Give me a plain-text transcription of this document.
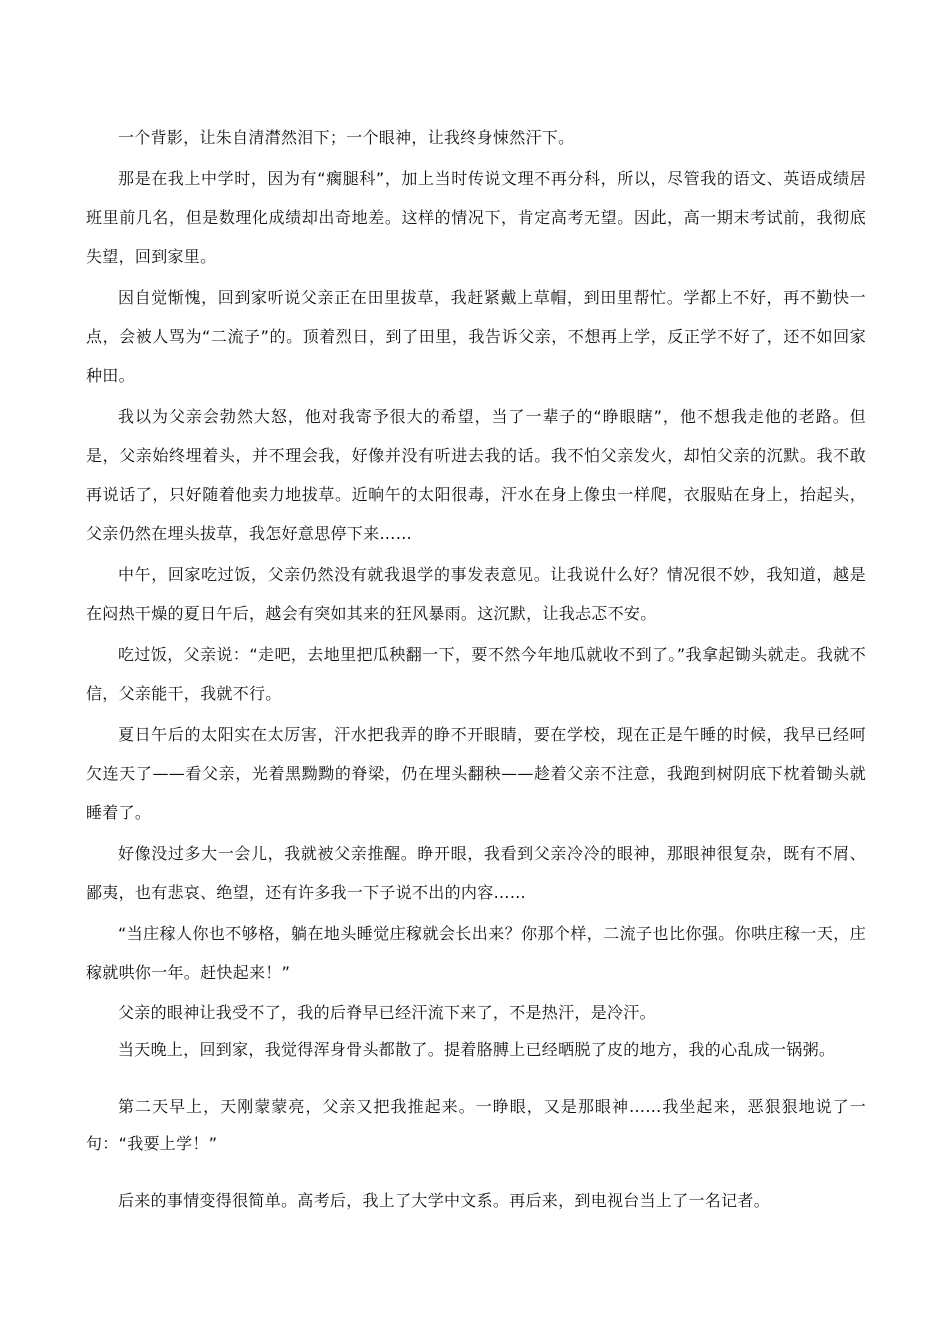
一个背影，让朱自清潸然泪下；一个眼神，让我终身悚然汗下。

那是在我上中学时，因为有“瘸腿科”，加上当时传说文理不再分科，所以，尽管我的语文、英语成绩居班里前几名，但是数理化成绩却出奇地差。这样的情况下，肯定高考无望。因此，高一期末考试前，我彻底失望，回到家里。

因自觉惭愧，回到家听说父亲正在田里拔草，我赶紧戴上草帽，到田里帮忙。学都上不好，再不勤快一点，会被人骂为“二流子”的。顶着烈日，到了田里，我告诉父亲，不想再上学，反正学不好了，还不如回家种田。

我以为父亲会勃然大怒，他对我寄予很大的希望，当了一辈子的“睁眼瞎”，他不想我走他的老路。但是，父亲始终埋着头，并不理会我，好像并没有听进去我的话。我不怕父亲发火，却怕父亲的沉默。我不敢再说话了，只好随着他卖力地拔草。近晌午的太阳很毒，汗水在身上像虫一样爬，衣服贴在身上，抬起头，父亲仍然在埋头拔草，我怎好意思停下来……

中午，回家吃过饭，父亲仍然没有就我退学的事发表意见。让我说什么好？情况很不妙，我知道，越是在闷热干燥的夏日午后，越会有突如其来的狂风暴雨。这沉默，让我忐忑不安。

吃过饭，父亲说：“走吧，去地里把瓜秧翻一下，要不然今年地瓜就收不到了。”我拿起锄头就走。我就不信，父亲能干，我就不行。

夏日午后的太阳实在太厉害，汗水把我弄的睁不开眼睛，要在学校，现在正是午睡的时候，我早已经呵欠连天了——看父亲，光着黑黝黝的脊梁，仍在埋头翻秧——趁着父亲不注意，我跑到树阴底下枕着锄头就睡着了。

好像没过多大一会儿，我就被父亲推醒。睁开眼，我看到父亲冷冷的眼神，那眼神很复杂，既有不屑、鄙夷，也有悲哀、绝望，还有许多我一下子说不出的内容……

“当庄稼人你也不够格，躺在地头睡觉庄稼就会长出来？你那个样，二流子也比你强。你哄庄稼一天，庄稼就哄你一年。赶快起来！”

父亲的眼神让我受不了，我的后脊早已经汗流下来了，不是热汗，是冷汗。

当天晚上，回到家，我觉得浑身骨头都散了。提着胳膊上已经晒脱了皮的地方，我的心乱成一锅粥。

第二天早上，天刚蒙蒙亮，父亲又把我推起来。一睁眼，又是那眼神……我坐起来，恶狠狠地说了一句：“我要上学！”

后来的事情变得很简单。高考后，我上了大学中文系。再后来，到电视台当上了一名记者。
